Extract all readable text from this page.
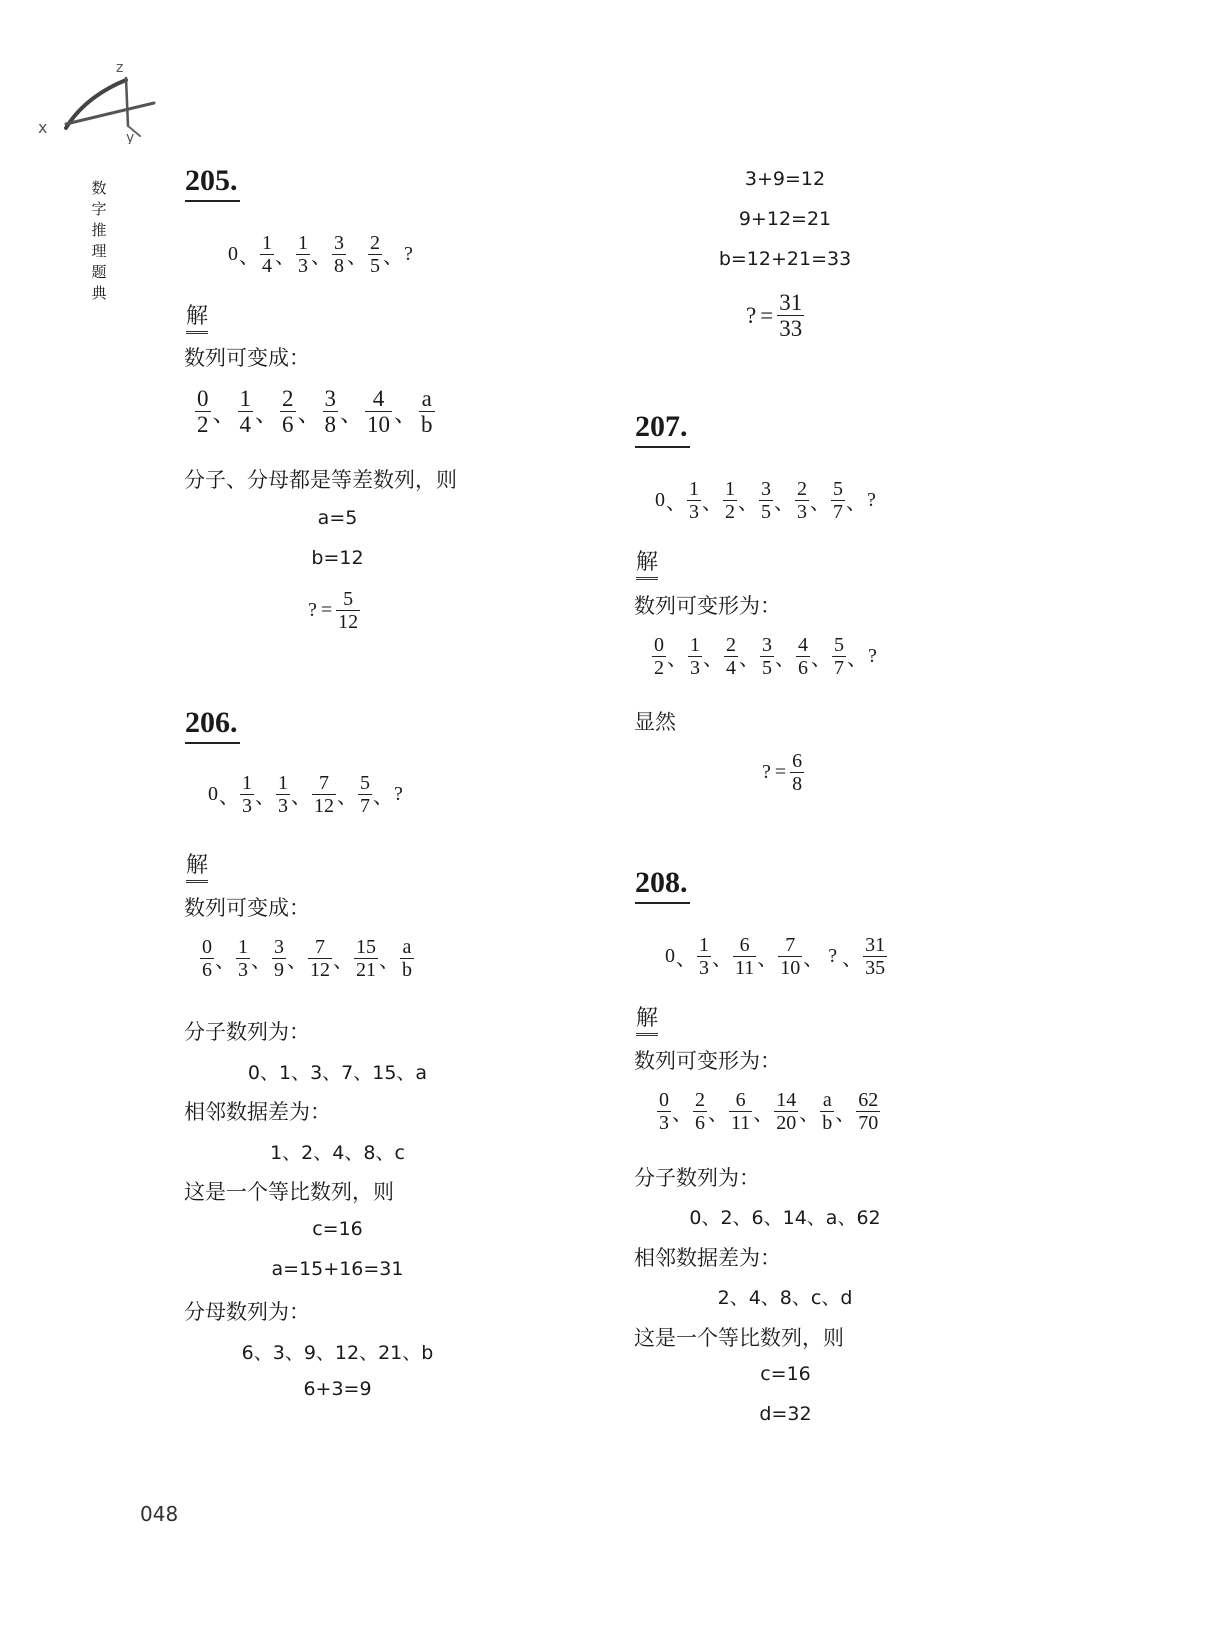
x
z
y
数
字
推
理
题
典
205.
0 、
1
4 、
1
3 、
3
8 、
2
5 、 ?
解
数列可变成：
0
2 、
1
4 、
2
6 、
3
8 、
4
10 、
a
b
分子、分母都是等差数列，则
a=5
b=12
? = 5
12
206.
0 、
1
3 、
1
3 、
7
12 、
5
7 、 ?
解
数列可变成：
0
6 、
1
3 、
3
9 、
7
12 、
15
21 、
a
b
分子数列为：
0、1、3、7、15、a
相邻数据差为：
1、2、4、8、c
这是一个等比数列，则
c=16
a=15+16=31
分母数列为：
6、3、9、12、21、b
6+3=9
3+9=12
9+12=21
b=12+21=33
? =
31
33
207.
0 、
1
3 、
1
2 、
3
5 、
2
3 、
5
7 、 ?
解
数列可变形为：
0
2 、
1
3 、
2
4 、
3
5 、
4
6 、
5
7 、 ?
显然
? = 6
8
208.
0 、
1
3 、
6
11 、
7
10 、 ? 、
31
35
解
数列可变形为：
0
3 、
2
6 、
6
11 、
14
20 、
a
b 、
62
70
分子数列为：
0、2、6、14、a、62
相邻数据差为：
2、4、8、c、d
这是一个等比数列，则
c=16
d=32
048
